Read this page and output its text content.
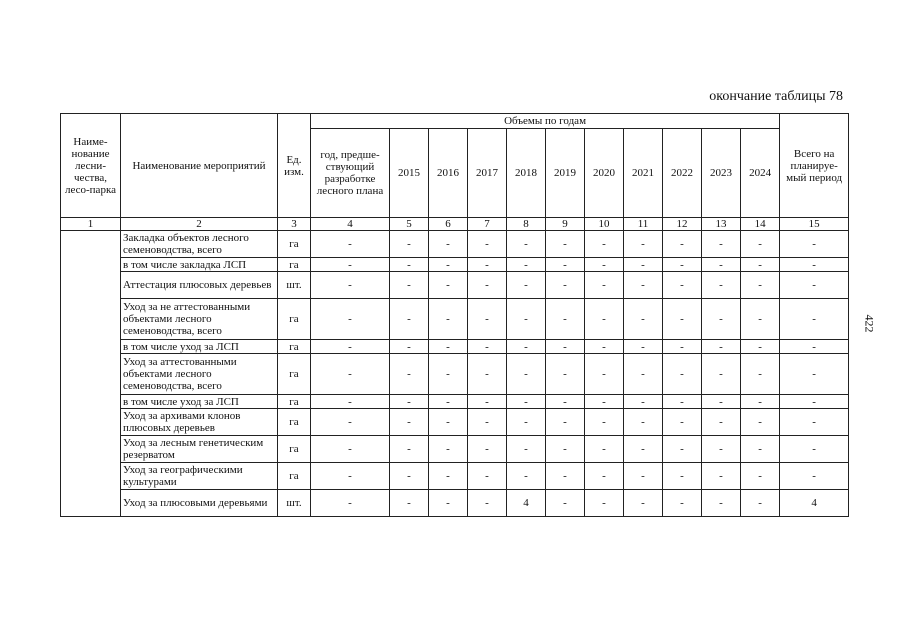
окончание таблицы 78
422
Наиме-нование лесни-чества, лесо-парка	Наименование мероприятий	Ед. изм.	Объемы по годам											Всего на планируе-мый период
			год, предше-ствующий разработке лесного плана	2015	2016	2017	2018	2019	2020	2021	2022	2023	2024	
1	2	3	4	5	6	7	8	9	10	11	12	13	14	15
	Закладка объектов лесного семеноводства, всего	га	-	-	-	-	-	-	-	-	-	-	-	-
	в том числе закладка ЛСП	га	-	-	-	-	-	-	-	-	-	-	-	-
	Аттестация плюсовых деревьев	шт.	-	-	-	-	-	-	-	-	-	-	-	-
	Уход за не аттестованными объектами лесного семеноводства, всего	га	-	-	-	-	-	-	-	-	-	-	-	-
	в том числе уход за ЛСП	га	-	-	-	-	-	-	-	-	-	-	-	-
	Уход за аттестованными объектами лесного семеноводства, всего	га	-	-	-	-	-	-	-	-	-	-	-	-
	в том числе уход за ЛСП	га	-	-	-	-	-	-	-	-	-	-	-	-
	Уход за архивами клонов плюсовых деревьев	га	-	-	-	-	-	-	-	-	-	-	-	-
	Уход за лесным генетическим резерватом	га	-	-	-	-	-	-	-	-	-	-	-	-
	Уход за географическими культурами	га	-	-	-	-	-	-	-	-	-	-	-	-
	Уход за плюсовыми деревьями	шт.	-	-	-	-	4	-	-	-	-	-	-	4
